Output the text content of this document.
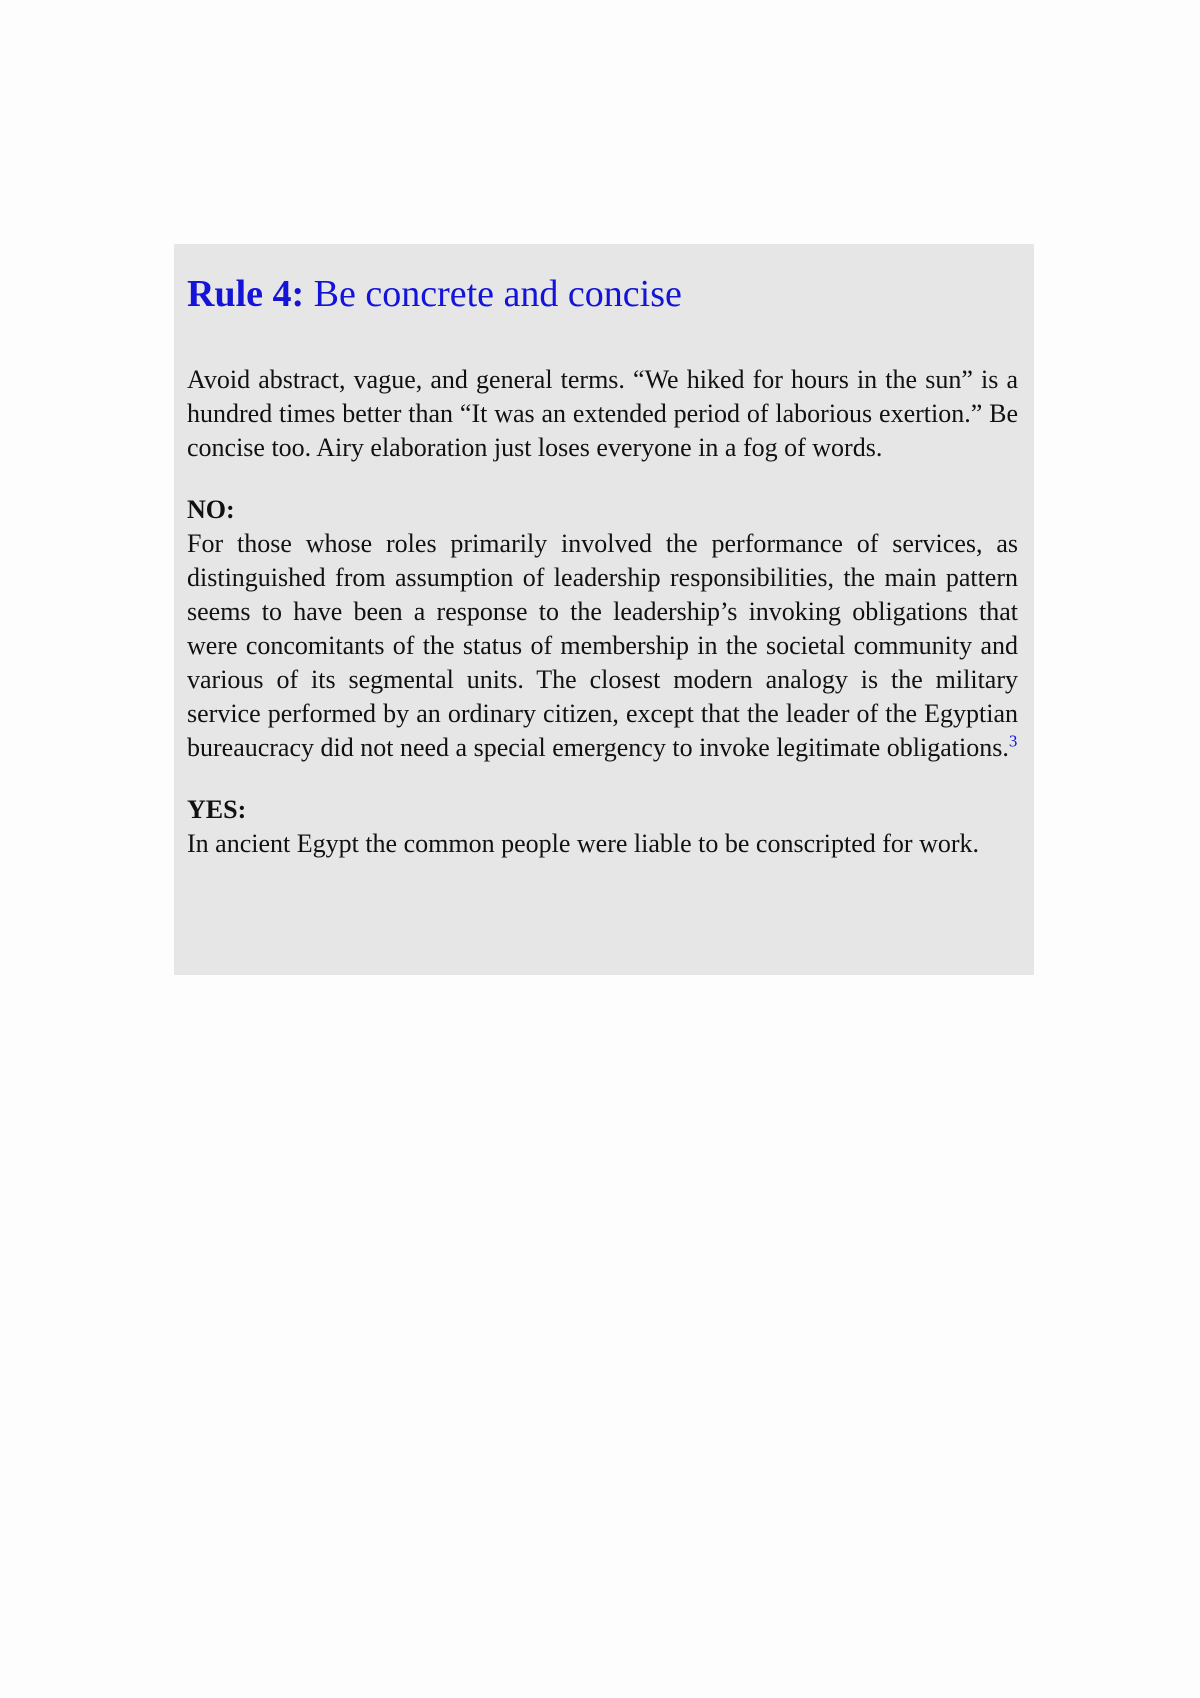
Rule 4: Be concrete and concise

Avoid abstract, vague, and general terms. “We hiked for hours in the sun” is a hundred times better than “It was an extended period of laborious exertion.” Be concise too. Airy elaboration just loses everyone in a fog of words.

NO:

For those whose roles primarily involved the performance of services, as distinguished from assumption of leadership responsibilities, the main pattern seems to have been a response to the leadership’s invoking obligations that were concomitants of the status of membership in the societal community and various of its segmental units. The closest modern analogy is the military service performed by an ordinary citizen, except that the leader of the Egyptian bureaucracy did not need a special emergency to invoke legitimate obligations.$^3$

YES:

In ancient Egypt the common people were liable to be conscripted for work.
